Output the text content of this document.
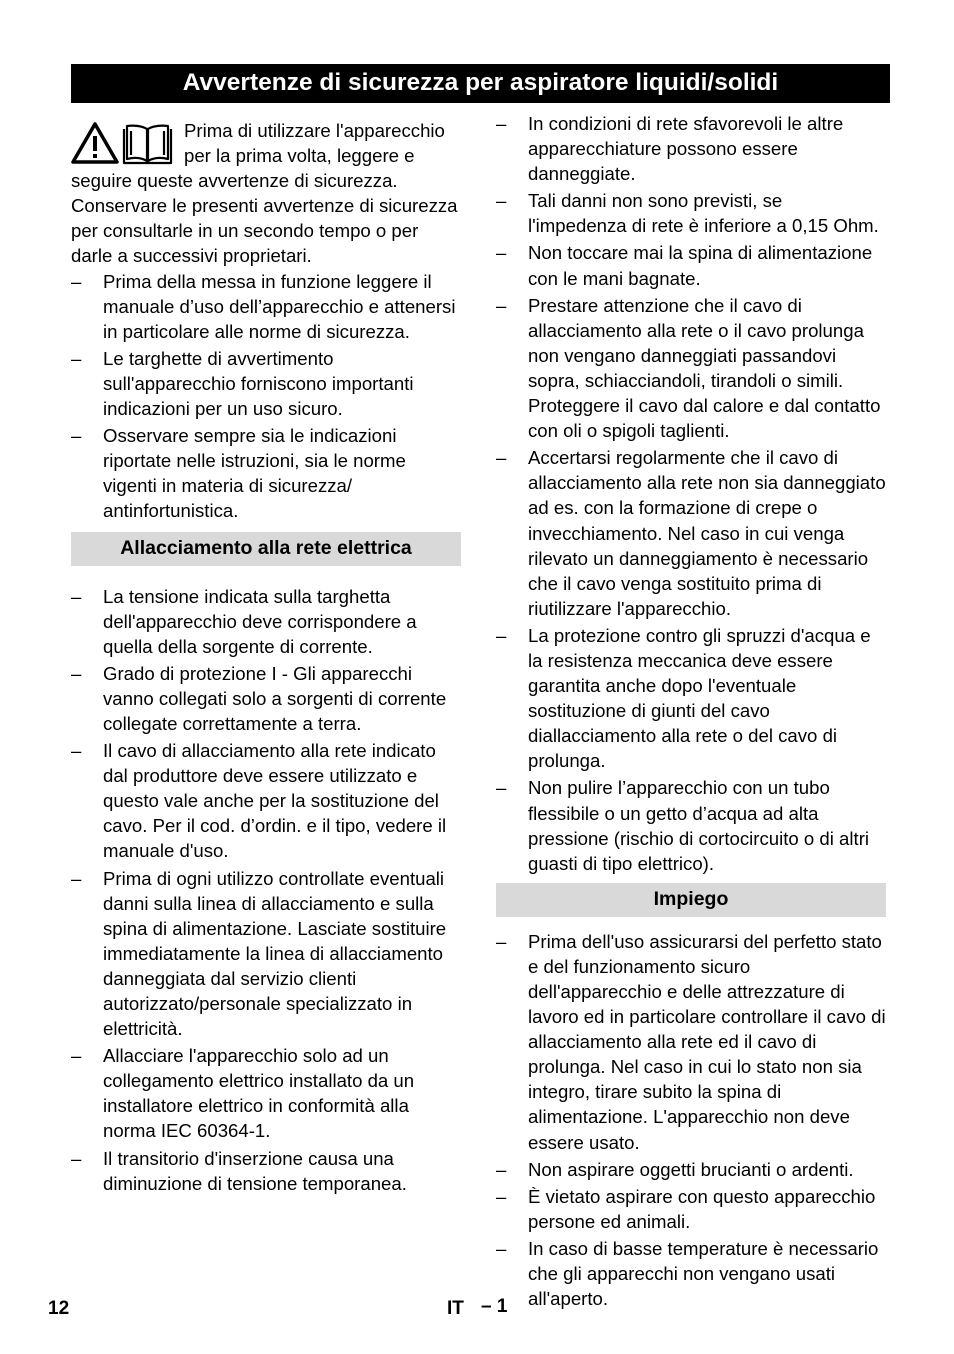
Avvertenze di sicurezza per aspiratore liquidi/solidi
Prima di utilizzare l'apparecchio per la prima volta, leggere e seguire queste avvertenze di sicurezza. Conservare le presenti avvertenze di sicurezza per consultarle in un secondo tempo o per darle a successivi proprietari.
– Prima della messa in funzione leggere il manuale d’uso dell’apparecchio e attenersi in particolare alle norme di sicurezza.
– Le targhette di avvertimento sull'apparecchio forniscono importanti indicazioni per un uso sicuro.
– Osservare sempre sia le indicazioni riportate nelle istruzioni, sia le norme vigenti in materia di sicurezza/ antinfortunistica.
Allacciamento alla rete elettrica
– La tensione indicata sulla targhetta dell'apparecchio deve corrispondere a quella della sorgente di corrente.
– Grado di protezione I - Gli apparecchi vanno collegati solo a sorgenti di corrente collegate correttamente a terra.
– Il cavo di allacciamento alla rete indicato dal produttore deve essere utilizzato e questo vale anche per la sostituzione del cavo. Per il cod. d’ordin. e il tipo, vedere il manuale d'uso.
– Prima di ogni utilizzo controllate eventuali danni sulla linea di allacciamento e sulla spina di alimentazione. Lasciate sostituire immediatamente la linea di allacciamento danneggiata dal servizio clienti autorizzato/personale specializzato in elettricità.
– Allacciare l'apparecchio solo ad un collegamento elettrico installato da un installatore elettrico in conformità alla norma IEC 60364-1.
– Il transitorio d'inserzione causa una diminuzione di tensione temporanea.
– In condizioni di rete sfavorevoli le altre apparecchiature possono essere danneggiate.
– Tali danni non sono previsti, se l'impedenza di rete è inferiore a 0,15 Ohm.
– Non toccare mai la spina di alimentazione con le mani bagnate.
– Prestare attenzione che il cavo di allacciamento alla rete o il cavo prolunga non vengano danneggiati passandovi sopra, schiacciandoli, tirandoli o simili. Proteggere il cavo dal calore e dal contatto con oli o spigoli taglienti.
– Accertarsi regolarmente che il cavo di allacciamento alla rete non sia danneggiato ad es. con la formazione di crepe o invecchiamento. Nel caso in cui venga rilevato un danneggiamento è necessario che il cavo venga sostituito prima di riutilizzare l'apparecchio.
– La protezione contro gli spruzzi d'acqua e la resistenza meccanica deve essere garantita anche dopo l'eventuale sostituzione di giunti del cavo diallacciamento alla rete o del cavo di prolunga.
– Non pulire l’apparecchio con un tubo flessibile o un getto d’acqua ad alta pressione (rischio di cortocircuito o di altri guasti di tipo elettrico).
Impiego
– Prima dell'uso assicurarsi del perfetto stato e del funzionamento sicuro dell'apparecchio e delle attrezzature di lavoro ed in particolare controllare il cavo di allacciamento alla rete ed il cavo di prolunga. Nel caso in cui lo stato non sia integro, tirare subito la spina di alimentazione. L'apparecchio non deve essere usato.
– Non aspirare oggetti brucianti o ardenti.
– È vietato aspirare con questo apparecchio persone ed animali.
– In caso di basse temperature è necessario che gli apparecchi non vengano usati all'aperto.
12	IT – 1
